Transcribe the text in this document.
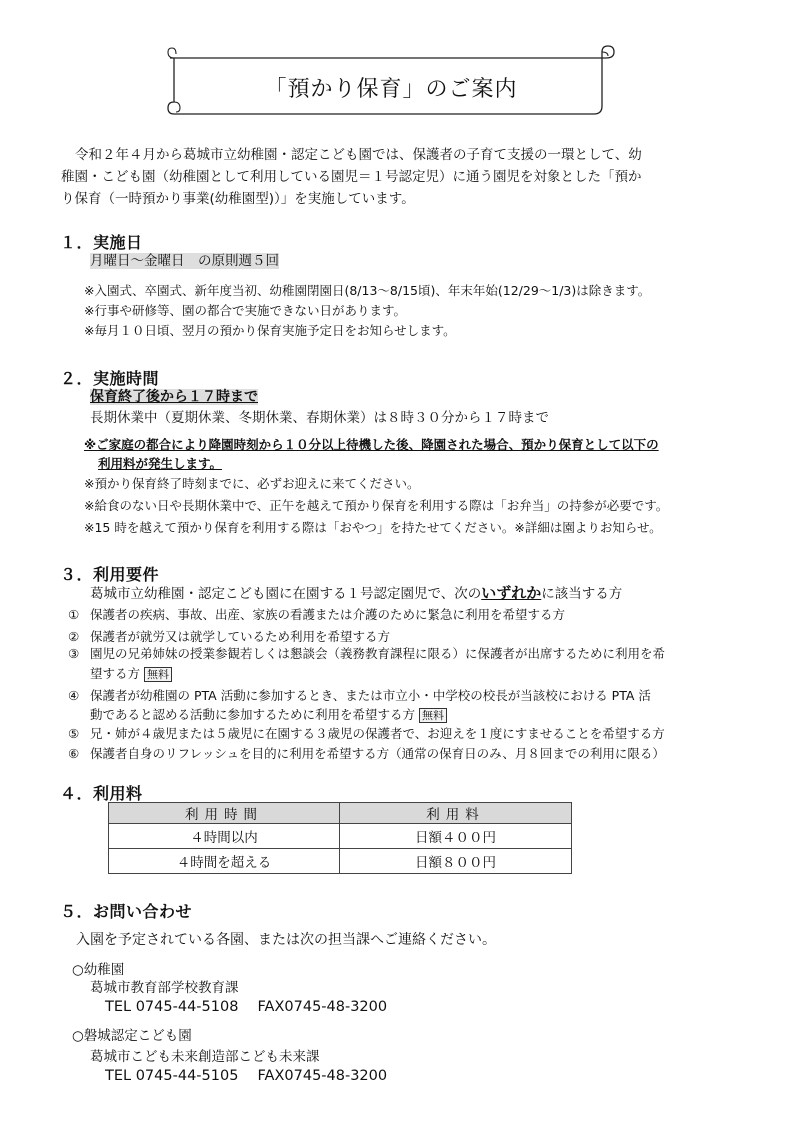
「預かり保育」のご案内
令和２年４月から葛城市立幼稚園・認定こども園では、保護者の子育て支援の一環として、幼
稚園・こども園（幼稚園として利用している園児＝１号認定児）に通う園児を対象とした「預か
り保育（一時預かり事業(幼稚園型)）」を実施しています。
１．実施日
月曜日～金曜日　の原則週５回
※入園式、卒園式、新年度当初、幼稚園閉園日(8/13～8/15頃)、年末年始(12/29～1/3)は除きます。
※行事や研修等、園の都合で実施できない日があります。
※毎月１０日頃、翌月の預かり保育実施予定日をお知らせします。
２．実施時間
保育終了後から１７時まで
長期休業中（夏期休業、冬期休業、春期休業）は８時３０分から１７時まで
※ご家庭の都合により降園時刻から１０分以上待機した後、降園された場合、預かり保育として以下の
利用料が発生します。
※預かり保育終了時刻までに、必ずお迎えに来てください。
※給食のない日や長期休業中で、正午を越えて預かり保育を利用する際は「お弁当」の持参が必要です。
※15 時を越えて預かり保育を利用する際は「おやつ」を持たせてください。※詳細は園よりお知らせ。
３．利用要件
葛城市立幼稚園・認定こども園に在園する１号認定園児で、次のいずれかに該当する方
① 保護者の疾病、事故、出産、家族の看護または介護のために緊急に利用を希望する方
② 保護者が就労又は就学しているため利用を希望する方
③ 園児の兄弟姉妹の授業参観若しくは懇談会（義務教育課程に限る）に保護者が出席するために利用を希
望する方 無料
④ 保護者が幼稚園の PTA 活動に参加するとき、または市立小・中学校の校長が当該校における PTA 活
動であると認める活動に参加するために利用を希望する方 無料
⑤ 兄・姉が４歳児または５歳児に在園する３歳児の保護者で、お迎えを１度にすませることを希望する方
⑥ 保護者自身のリフレッシュを目的に利用を希望する方（通常の保育日のみ、月８回までの利用に限る）
４．利用料
利用時間	利用料
４時間以内	日額４００円
４時間を超える	日額８００円
５．お問い合わせ
入園を予定されている各園、または次の担当課へご連絡ください。
○幼稚園
葛城市教育部学校教育課
TEL 0745-44-5108　 FAX0745-48-3200
○磐城認定こども園
葛城市こども未来創造部こども未来課
TEL 0745-44-5105　 FAX0745-48-3200
